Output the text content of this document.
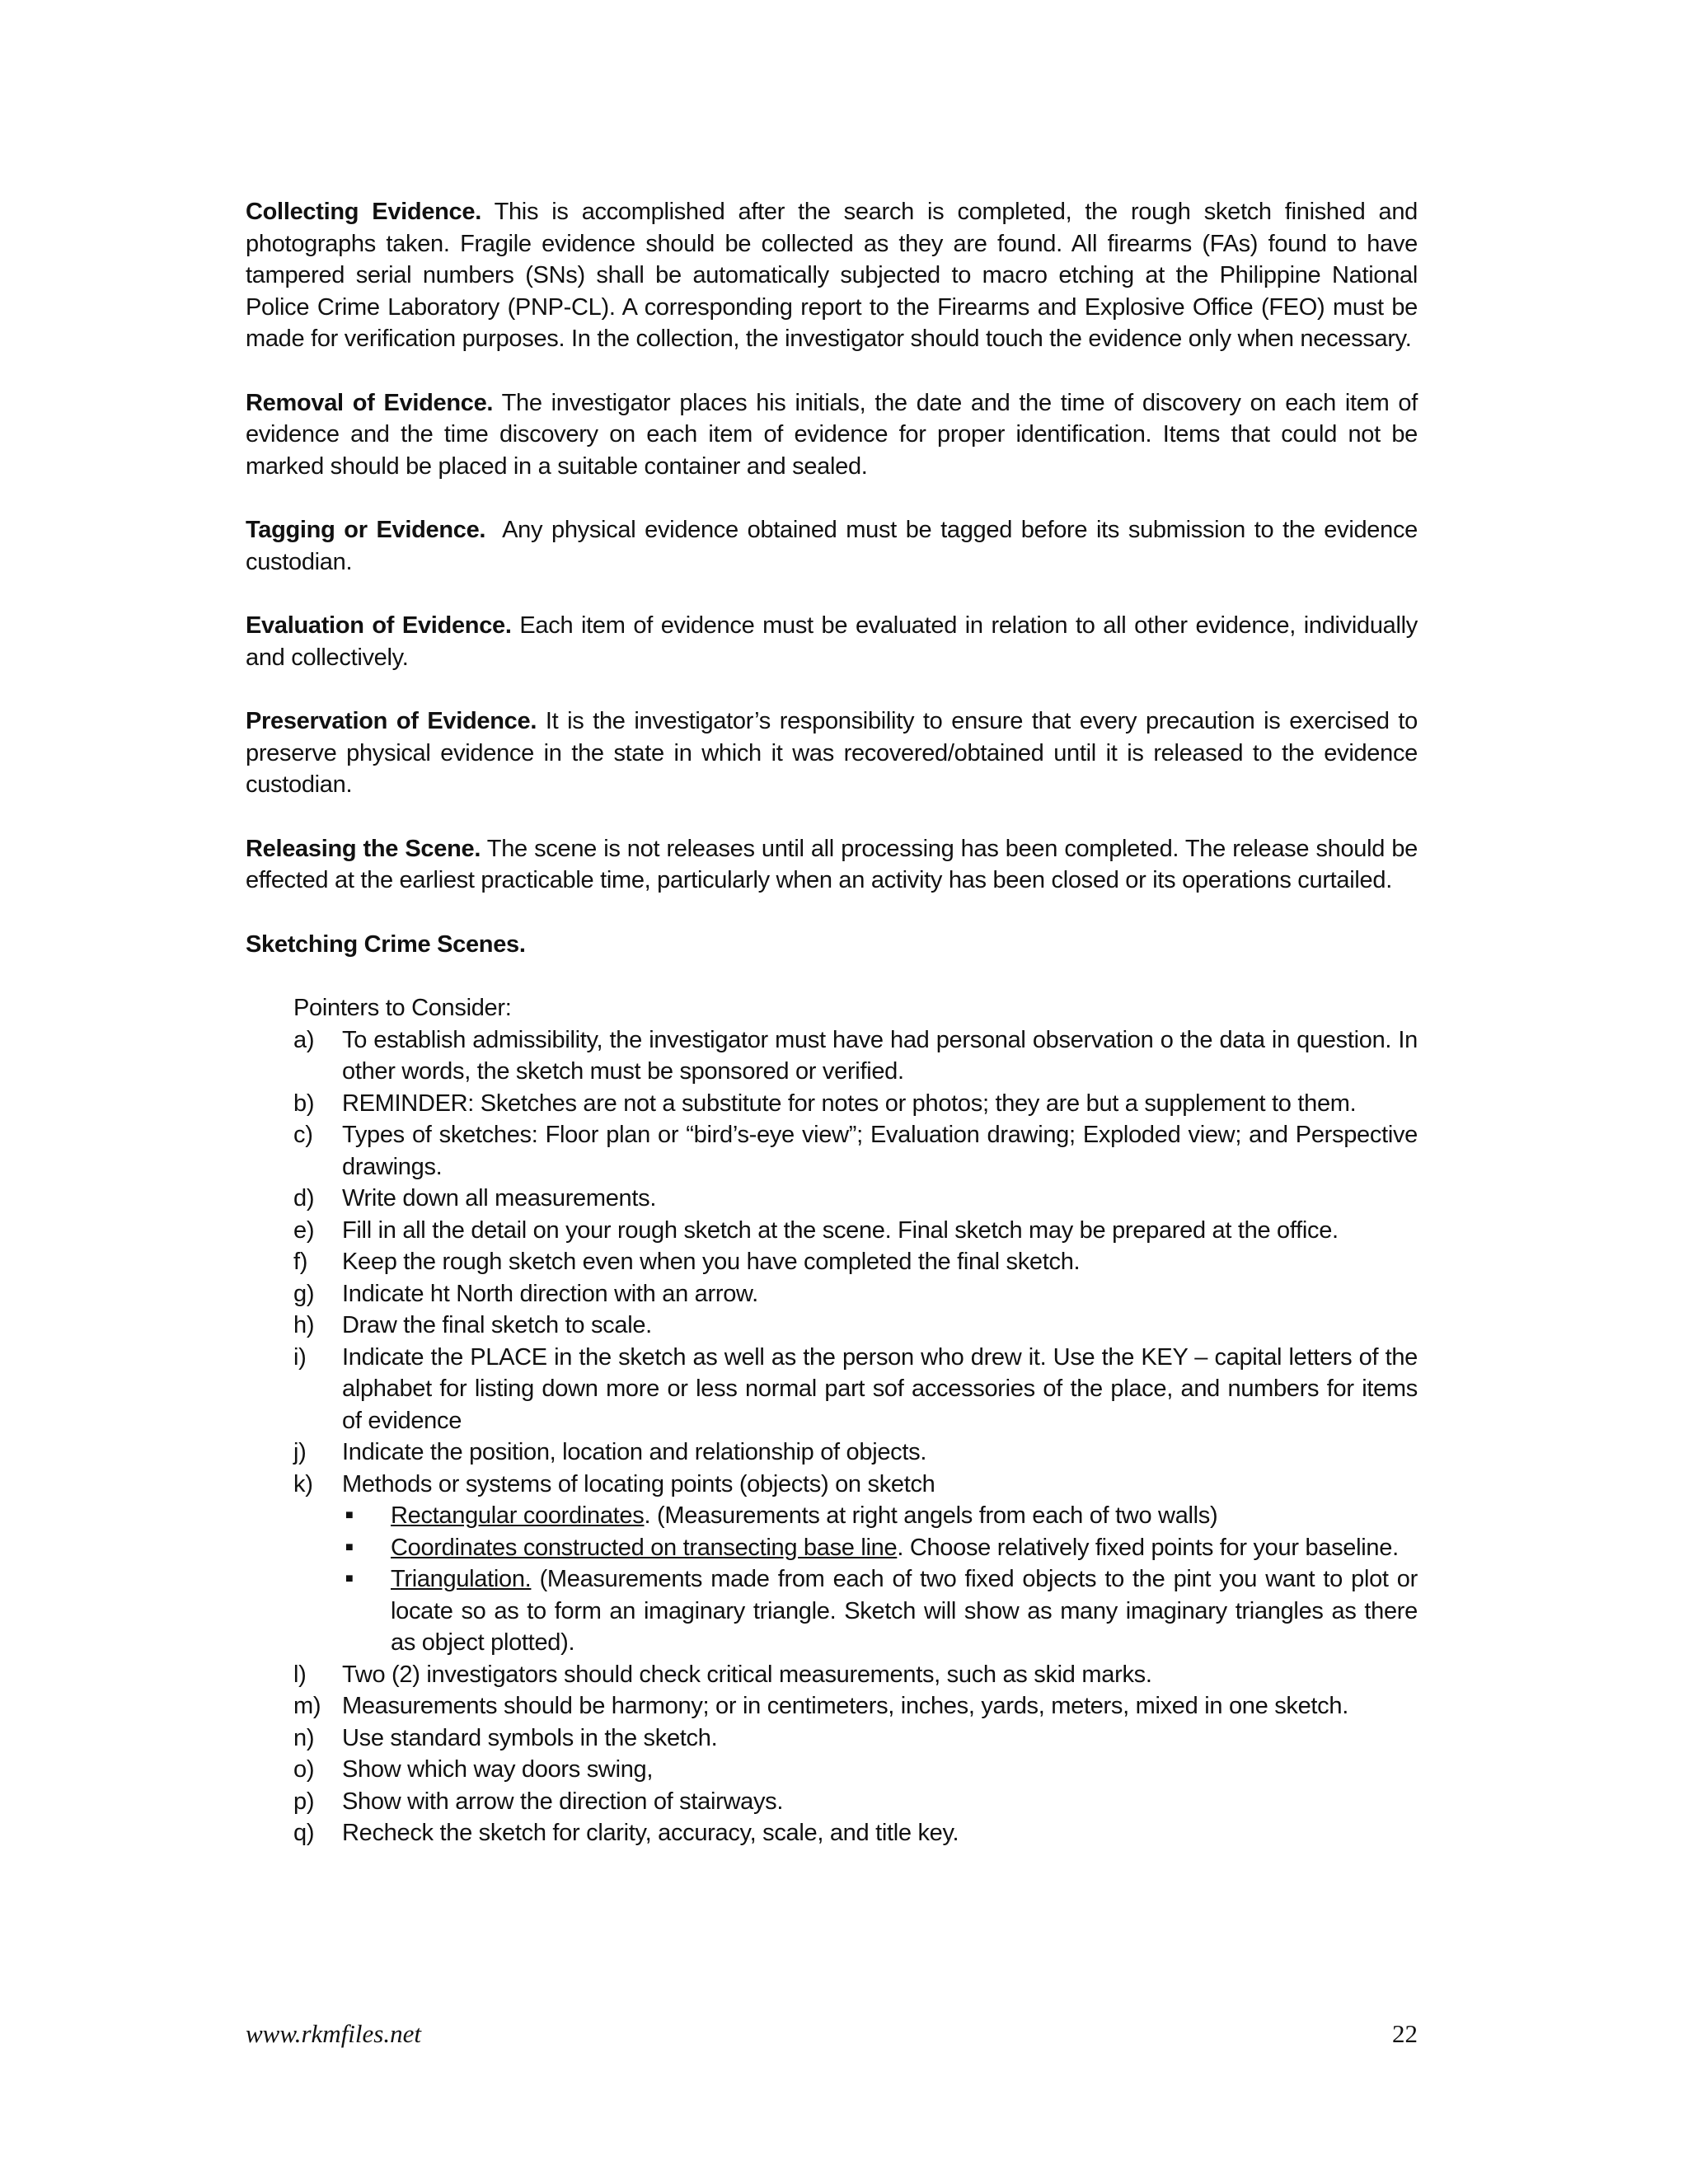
Collecting Evidence. This is accomplished after the search is completed, the rough sketch finished and photographs taken. Fragile evidence should be collected as they are found. All firearms (FAs) found to have tampered serial numbers (SNs) shall be automatically subjected to macro etching at the Philippine National Police Crime Laboratory (PNP-CL). A corresponding report to the Firearms and Explosive Office (FEO) must be made for verification purposes. In the collection, the investigator should touch the evidence only when necessary.

Removal of Evidence. The investigator places his initials, the date and the time of discovery on each item of evidence and the time discovery on each item of evidence for proper identification. Items that could not be marked should be placed in a suitable container and sealed.

Tagging or Evidence.  Any physical evidence obtained must be tagged before its submission to the evidence custodian.

Evaluation of Evidence. Each item of evidence must be evaluated in relation to all other evidence, individually and collectively.

Preservation of Evidence. It is the investigator’s responsibility to ensure that every precaution is exercised to preserve physical evidence in the state in which it was recovered/obtained until it is released to the evidence custodian.

Releasing the Scene. The scene is not releases until all processing has been completed. The release should be effected at the earliest practicable time, particularly when an activity has been closed or its operations curtailed.

Sketching Crime Scenes.
Pointers to Consider:
a) To establish admissibility, the investigator must have had personal observation o the data in question. In other words, the sketch must be sponsored or verified.
b) REMINDER: Sketches are not a substitute for notes or photos; they are but a supplement to them.
c) Types of sketches: Floor plan or “bird’s-eye view”; Evaluation drawing; Exploded view; and Perspective drawings.
d) Write down all measurements.
e) Fill in all the detail on your rough sketch at the scene. Final sketch may be prepared at the office.
f) Keep the rough sketch even when you have completed the final sketch.
g) Indicate ht North direction with an arrow.
h) Draw the final sketch to scale.
i) Indicate the PLACE in the sketch as well as the person who drew it. Use the KEY – capital letters of the alphabet for listing down more or less normal part sof accessories of the place, and numbers for items of evidence
j) Indicate the position, location and relationship of objects.
k) Methods or systems of locating points (objects) on sketch
■ Rectangular coordinates. (Measurements at right angels from each of two walls)
■ Coordinates constructed on transecting base line. Choose relatively fixed points for your baseline.
■ Triangulation. (Measurements made from each of two fixed objects to the pint you want to plot or locate so as to form an imaginary triangle. Sketch will show as many imaginary triangles as there as object plotted).
l) Two (2) investigators should check critical measurements, such as skid marks.
m) Measurements should be harmony; or in centimeters, inches, yards, meters, mixed in one sketch.
n) Use standard symbols in the sketch.
o) Show which way doors swing,
p) Show with arrow the direction of stairways.
q) Recheck the sketch for clarity, accuracy, scale, and title key.
www.rkmfiles.net	22
